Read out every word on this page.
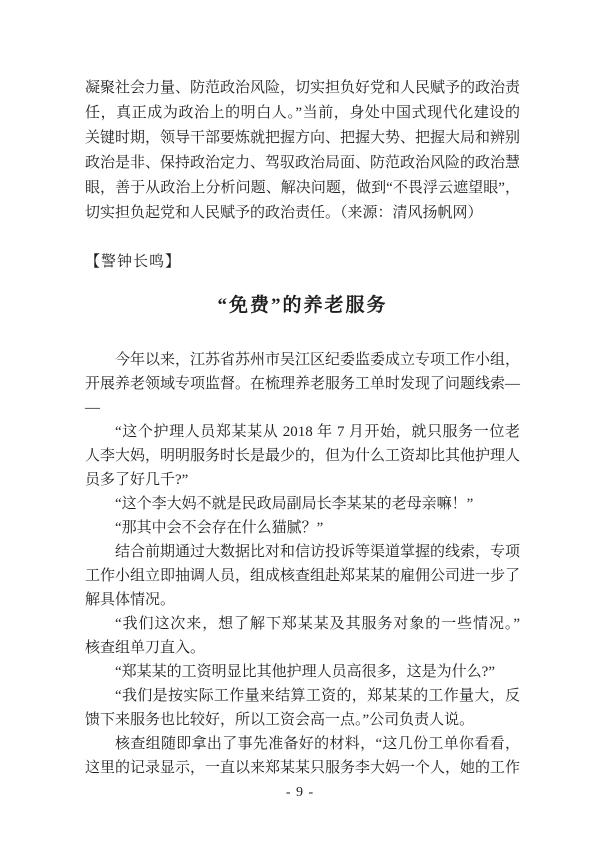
凝聚社会力量、防范政治风险，切实担负好党和人民赋予的政治责
任，真正成为政治上的明白人。”当前，身处中国式现代化建设的
关键时期，领导干部要炼就把握方向、把握大势、把握大局和辨别
政治是非、保持政治定力、驾驭政治局面、防范政治风险的政治慧
眼，善于从政治上分析问题、解决问题，做到“不畏浮云遮望眼”，
切实担负起党和人民赋予的政治责任。（来源：清风扬帆网）
【警钟长鸣】
“免费”的养老服务
今年以来，江苏省苏州市吴江区纪委监委成立专项工作小组，
开展养老领域专项监督。在梳理养老服务工单时发现了问题线索—
—
“这个护理人员郑某某从 2018 年 7 月开始，就只服务一位老
人李大妈，明明服务时长是最少的，但为什么工资却比其他护理人
员多了好几千?”
“这个李大妈不就是民政局副局长李某某的老母亲嘛！”
“那其中会不会存在什么猫腻？”
结合前期通过大数据比对和信访投诉等渠道掌握的线索，专项
工作小组立即抽调人员，组成核查组赴郑某某的雇佣公司进一步了
解具体情况。
“我们这次来，想了解下郑某某及其服务对象的一些情况。”
核查组单刀直入。
“郑某某的工资明显比其他护理人员高很多，这是为什么?”
“我们是按实际工作量来结算工资的，郑某某的工作量大，反
馈下来服务也比较好，所以工资会高一点。”公司负责人说。
核查组随即拿出了事先准备好的材料，“这几份工单你看看，
这里的记录显示，一直以来郑某某只服务李大妈一个人，她的工作
- 9 -
